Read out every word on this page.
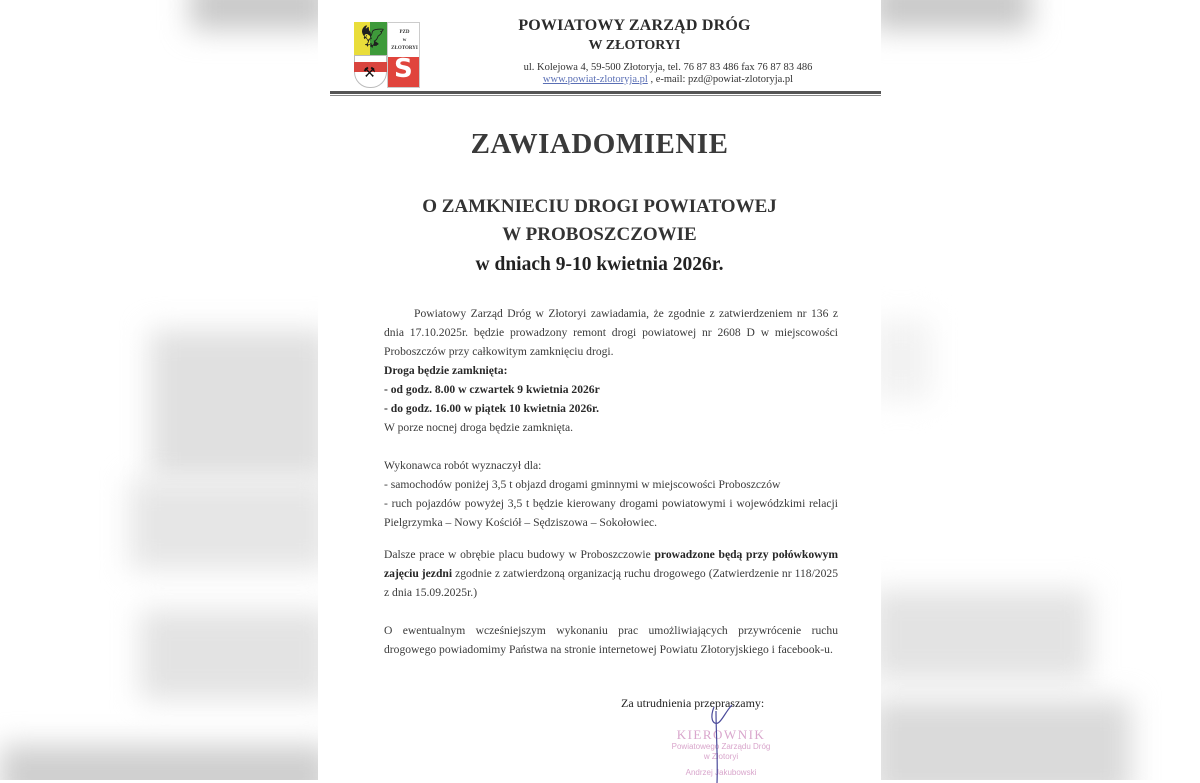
🦅︎
⚒
PZD
w
ZŁOTORYI
S
POWIATOWY ZARZĄD DRÓG
W ZŁOTORYI
ul. Kolejowa 4, 59-500 Złotoryja, tel. 76 87 83 486 fax 76 87 83 486
www.powiat-zlotoryja.pl , e-mail: pzd@powiat-zlotoryja.pl
ZAWIADOMIENIE
O ZAMKNIECIU DROGI POWIATOWEJ
W PROBOSZCZOWIE
w dniach 9-10 kwietnia 2026r.
Powiatowy Zarząd Dróg w Złotoryi zawiadamia, że zgodnie z zatwierdzeniem nr 136 z dnia 17.10.2025r. będzie prowadzony remont drogi powiatowej nr 2608 D w miejscowości Proboszczów przy całkowitym zamknięciu drogi.
Droga będzie zamknięta:
- od godz. 8.00 w czwartek 9 kwietnia 2026r
- do godz. 16.00 w piątek 10 kwietnia 2026r.
W porze nocnej droga będzie zamknięta.
Wykonawca robót wyznaczył dla:
- samochodów poniżej 3,5 t objazd drogami gminnymi w miejscowości Proboszczów
- ruch pojazdów powyżej 3,5 t będzie kierowany drogami powiatowymi i wojewódzkimi relacji Pielgrzymka – Nowy Kościół – Sędziszowa – Sokołowiec.
Dalsze prace w obrębie placu budowy w Proboszczowie prowadzone będą przy połówkowym zajęciu jezdni zgodnie z zatwierdzoną organizacją ruchu drogowego (Zatwierdzenie nr 118/2025 z dnia 15.09.2025r.)
O ewentualnym wcześniejszym wykonaniu prac umożliwiających przywrócenie ruchu drogowego powiadomimy Państwa na stronie internetowej Powiatu Złotoryjskiego i facebook-u.
Za utrudnienia przepraszamy:
KIEROWNIK
Powiatowego Zarządu Dróg
w Złotoryi
Andrzej Jakubowski
